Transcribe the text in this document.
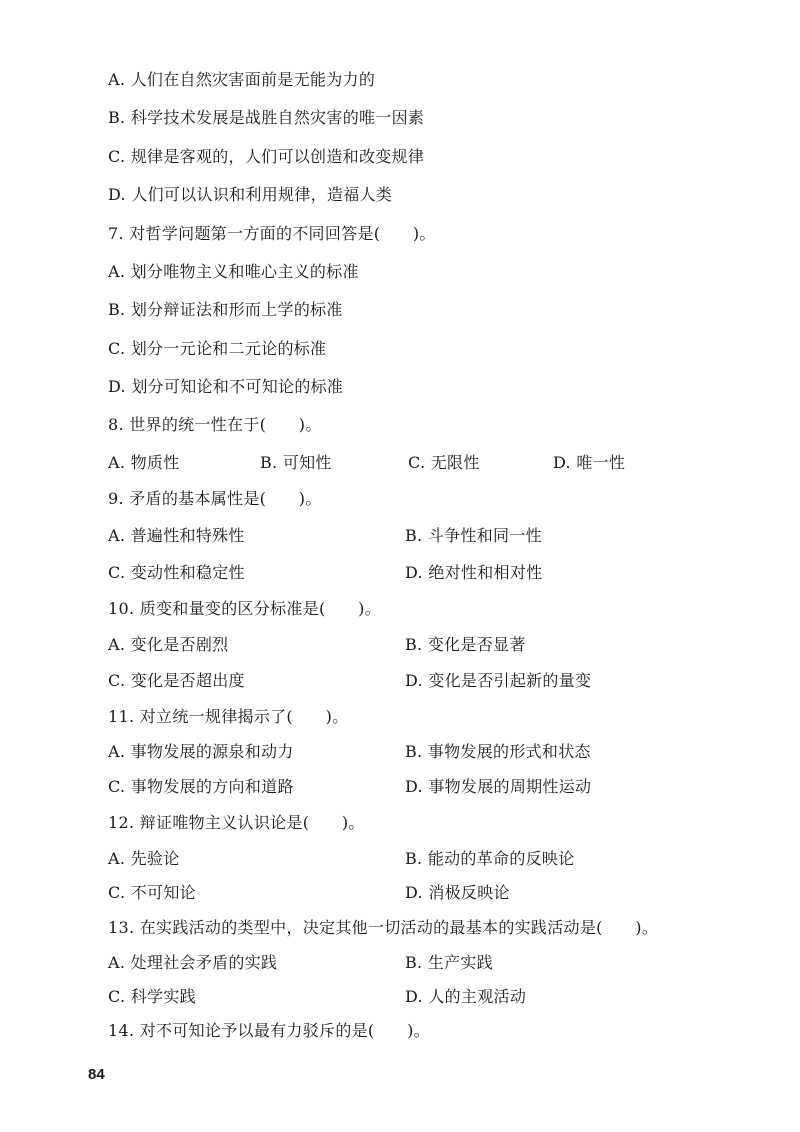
A. 人们在自然灾害面前是无能为力的
B. 科学技术发展是战胜自然灾害的唯一因素
C. 规律是客观的，人们可以创造和改变规律
D. 人们可以认识和利用规律，造福人类
7. 对哲学问题第一方面的不同回答是(　　)。
A. 划分唯物主义和唯心主义的标准
B. 划分辩证法和形而上学的标准
C. 划分一元论和二元论的标准
D. 划分可知论和不可知论的标准
8. 世界的统一性在于(　　)。
A. 物质性	B. 可知性	C. 无限性	D. 唯一性
9. 矛盾的基本属性是(　　)。
A. 普遍性和特殊性	B. 斗争性和同一性
C. 变动性和稳定性	D. 绝对性和相对性
10. 质变和量变的区分标准是(　　)。
A. 变化是否剧烈	B. 变化是否显著
C. 变化是否超出度	D. 变化是否引起新的量变
11. 对立统一规律揭示了(　　)。
A. 事物发展的源泉和动力	B. 事物发展的形式和状态
C. 事物发展的方向和道路	D. 事物发展的周期性运动
12. 辩证唯物主义认识论是(　　)。
A. 先验论	B. 能动的革命的反映论
C. 不可知论	D. 消极反映论
13. 在实践活动的类型中，决定其他一切活动的最基本的实践活动是(　　)。
A. 处理社会矛盾的实践	B. 生产实践
C. 科学实践	D. 人的主观活动
14. 对不可知论予以最有力驳斥的是(　　)。
84
